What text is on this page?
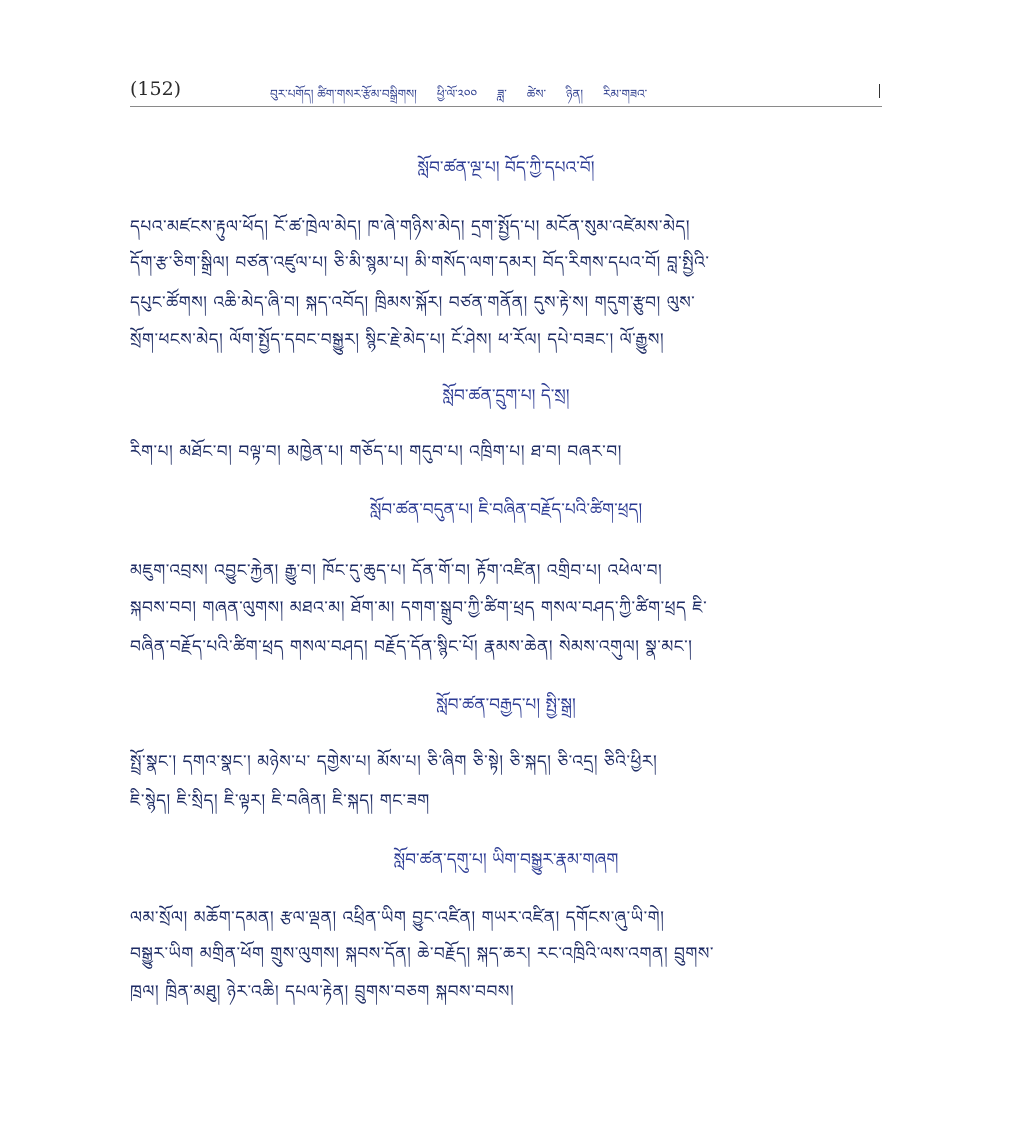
(152)	བུར་པགོད། ཚིག་གསར་རྩོམ་བསྒྲིགས། ཕྱི་ལོ་༢༠༠ ཟླ་ ཚེས་ ཉིན། རིམ་གཟའ་
སློབ་ཚན་ལྔ་པ། བོད་ཀྱི་དཔའ་བོ།
དཔའ་མཛངས་རྟུལ་ཕོད། ངོ་ཚ་ཁྲེལ་མེད། ཁ་ཞེ་གཉིས་མེད། དྲག་སྤྱོད་པ། མངོན་སུམ་འཛེམས་མེད།
དོག་རྩ་ཅིག་སྒྲིལ། བཙན་འཛུལ་པ། ཅི་མི་སྙམ་པ། མི་གསོད་ལག་དམར། བོད་རིགས་དཔའ་བོ། བླ་སྤྱིའི་
དཔུང་ཚོགས། འཆི་མེད་ཞི་བ། སྐད་འབོད། ཁྲིམས་སྐོར། བཙན་གནོན། དུས་རྟེ་ས། གདུག་རྩུབ། ལུས་
སྲོག་ཕངས་མེད། ལོག་སྤྱོད་དབང་བསྒྱུར། སྙིང་རྗེ་མེད་པ། ངོ་ཤེས། ཕ་རོལ། དཔེ་བཟང་། ལོ་རྒྱུས།
སློབ་ཚན་དྲུག་པ། དེ་སྲ།
རིག་པ། མཐོང་བ། བལྟ་བ། མཁྱེན་པ། གཅོད་པ། གདུབ་པ། འཁྲིག་པ། ཐ་བ། བཞར་བ།
སློབ་ཚན་བདུན་པ། ཇི་བཞིན་བརྗོད་པའི་ཚིག་ཕྲད།
མཇུག་འབྲས། འབྱུང་རྐྱེན། རྒྱུ་བ། ཁོང་དུ་ཆུད་པ། དོན་གོ་བ། རྟོག་འཛིན། འགྲིབ་པ། འཕེལ་བ།
སྐབས་བབ། གཞན་ལུགས། མཐའ་མ། ཐོག་མ། དགག་སྒྲུབ་ཀྱི་ཚིག་ཕྲད གསལ་བཤད་ཀྱི་ཚིག་ཕྲད ཇི་
བཞིན་བརྗོད་པའི་ཚིག་ཕྲད གསལ་བཤད། བརྗོད་དོན་སྙིང་པོ། རྣམས་ཆེན། སེམས་འགུལ། སྣ་མང་།
སློབ་ཚན་བརྒྱད་པ། སྤྱི་སྒྲ།
སྤྲོ་སྣང་། དགའ་སྣང་། མཉེས་པ་ དགྱེས་པ། མོས་པ། ཅི་ཞིག ཅི་སྟེ། ཅི་སྐད། ཅི་འདྲ། ཅིའི་ཕྱིར།
ཇི་སྙེད། ཇི་སྲིད། ཇི་ལྟར། ཇི་བཞིན། ཇི་སྐད། གང་ཟག
སློབ་ཚན་དགུ་པ། ཡིག་བསྒྱུར་རྣམ་གཞག
ལམ་སྲོལ། མཆོག་དམན། རྩལ་ལྡན། འཕྲིན་ཡིག བྱུང་འཛིན། གཡར་འཛིན། དགོངས་ཞུ་ཡི་གེ།
བསྒྱུར་ཡིག མགྲིན་ཕོག གྲུས་ལུགས། སྐབས་དོན། ཆེ་བརྗོད། སྐད་ཆར། རང་འཁྲིའི་ལས་འགན། བྲུགས་
ཁྲལ། ཁྲིན་མཐུ། ཉེར་འཆི། དཔལ་རྟེན། བྲུགས་བཅག སྐབས་བབས།
